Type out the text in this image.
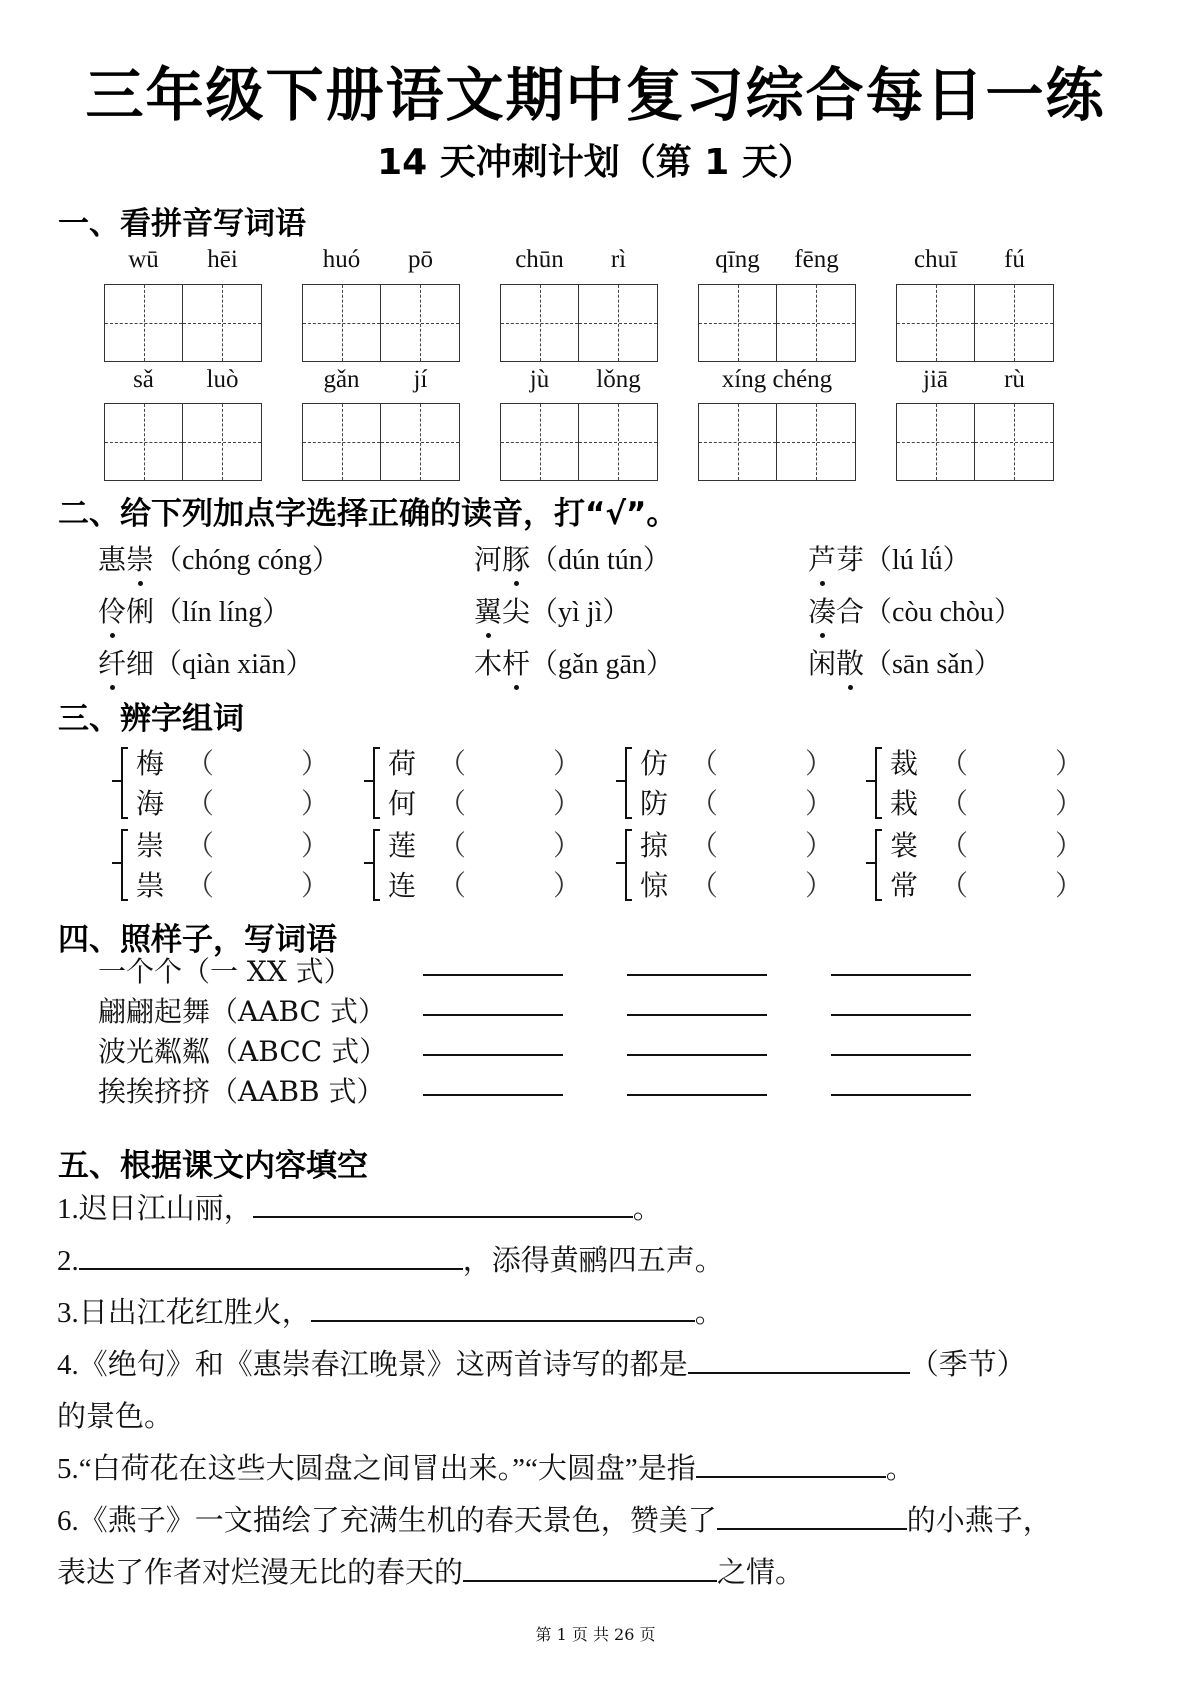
三年级下册语文期中复习综合每日一练
14 天冲刺计划（第 1 天）
一、看拼音写词语
wū	hēi	huó	pō	chūn	rì	qīng	fēng	chuī	fú
sǎ	luò	gǎn	jí	jù	lǒng	xíng chéng	jiā	rù
二、给下列加点字选择正确的读音，打“√”。
惠崇（chóng cóng）	河豚（dún tún）	芦芽（lú lǘ）
伶俐（lín líng）	翼尖（yì jì）	凑合（còu chòu）
纤细（qiàn xiān）	木杆（gǎn gān）	闲散（sān sǎn）
三、辨字组词
梅 （	）
海 （	）
荷 （	）
何 （	）
仿 （	）
防 （	）
裁 （	）
栽 （	）
崇 （	）
祟 （	）
莲 （	）
连 （	）
掠 （	）
惊 （	）
裳 （	）
常 （	）
四、照样子，写词语
一个个（一 XX 式）
翩翩起舞（AABC 式）
波光粼粼（ABCC 式）
挨挨挤挤（AABB 式）
五、根据课文内容填空
1.迟日江山丽，	。
2.	，添得黄鹂四五声。
3.日出江花红胜火，	。
4.《绝句》和《惠崇春江晚景》这两首诗写的都是	（季节）
的景色。
5.“白荷花在这些大圆盘之间冒出来。”“大圆盘”是指	。
6.《燕子》一文描绘了充满生机的春天景色，赞美了	的小燕子，
表达了作者对烂漫无比的春天的	之情。
第 1 页 共 26 页
